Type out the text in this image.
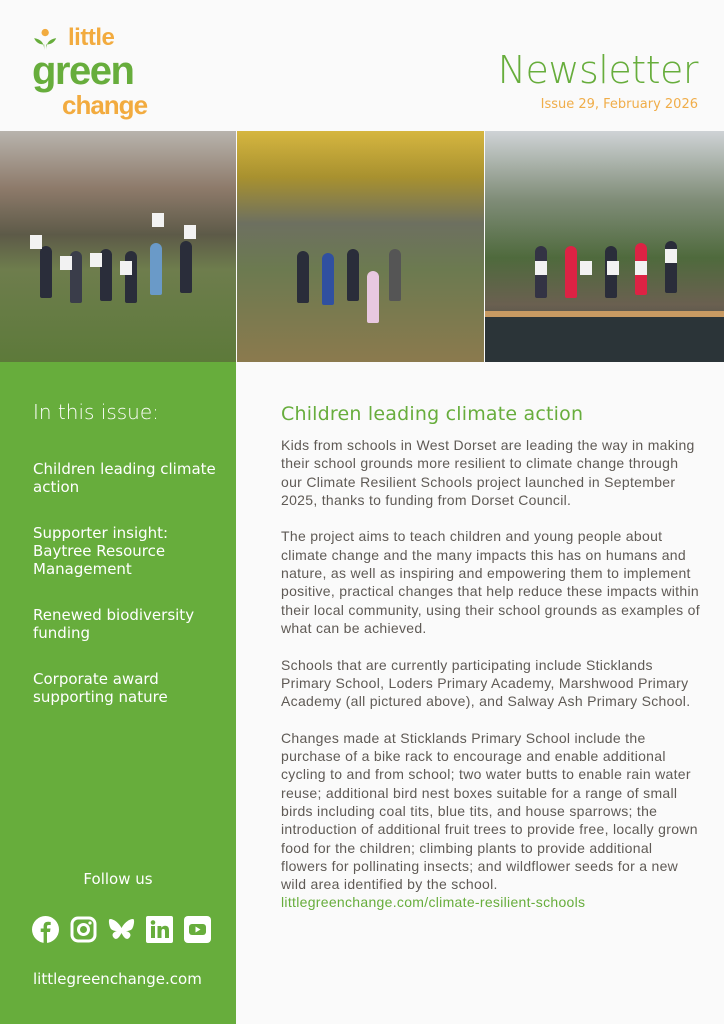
little
green
change
Newsletter
Issue 29, February 2026
In this issue:
Children leading climate action
Supporter insight: Baytree Resource Management
Renewed biodiversity funding
Corporate award supporting nature
Follow us
littlegreenchange.com
Children leading climate action

Kids from schools in West Dorset are leading the way in making their school grounds more resilient to climate change through our Climate Resilient Schools project launched in September 2025, thanks to funding from Dorset Council.

The project aims to teach children and young people about climate change and the many impacts this has on humans and nature, as well as inspiring and empowering them to implement positive, practical changes that help reduce these impacts within their local community, using their school grounds as examples of what can be achieved.

Schools that are currently participating include Sticklands Primary School, Loders Primary Academy, Marshwood Primary Academy (all pictured above), and Salway Ash Primary School.

Changes made at Sticklands Primary School include the purchase of a bike rack to encourage and enable additional cycling to and from school; two water butts to enable rain water reuse; additional bird nest boxes suitable for a range of small birds including coal tits, blue tits, and house sparrows; the introduction of additional fruit trees to provide free, locally grown food for the children; climbing plants to provide additional flowers for pollinating insects; and wildflower seeds for a new wild area identified by the school.

littlegreenchange.com/climate-resilient-schools
